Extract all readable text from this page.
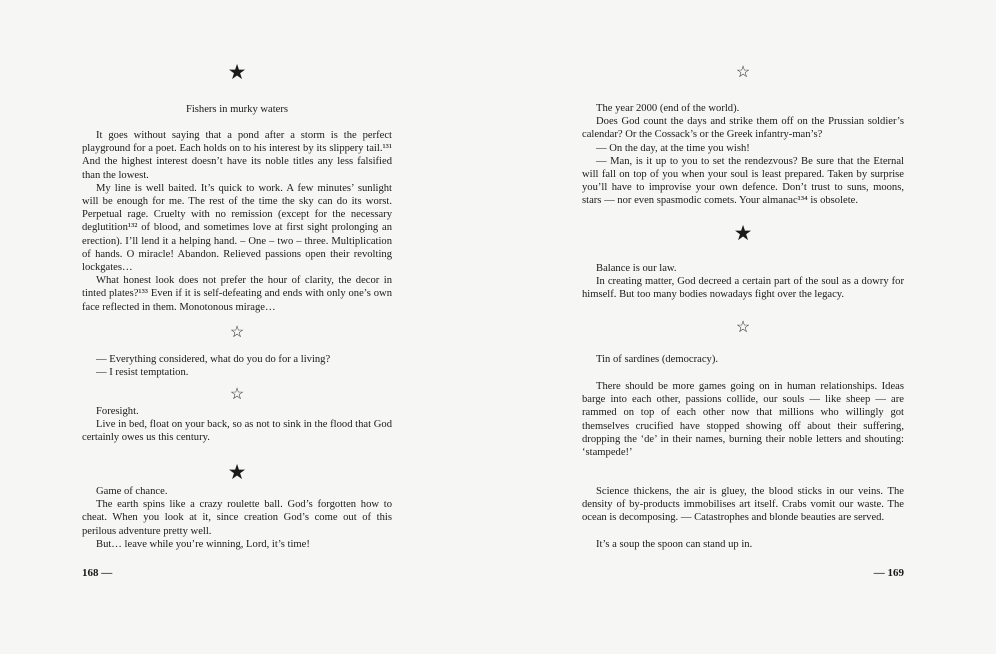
★

Fishers in murky waters

It goes without saying that a pond after a storm is the perfect playground for a poet. Each holds on to his interest by its slippery tail.¹³¹ And the highest interest doesn’t have its noble titles any less falsified than the lowest.

My line is well baited. It’s quick to work. A few minutes’ sunlight will be enough for me. The rest of the time the sky can do its worst. Perpetual rage. Cruelty with no remission (except for the necessary deglutition¹³² of blood, and sometimes love at first sight prolonging an erection). I’ll lend it a helping hand. – One – two – three. Multiplication of hands. O miracle! Abandon. Relieved passions open their revolting lockgates…

What honest look does not prefer the hour of clarity, the decor in tinted plates?¹³³ Even if it is self-defeating and ends with only one’s own face reflected in them. Monotonous mirage…

☆

— Everything considered, what do you do for a living?

— I resist temptation.

☆

Foresight.

Live in bed, float on your back, so as not to sink in the flood that God certainly owes us this century.

★

Game of chance.

The earth spins like a crazy roulette ball. God’s forgotten how to cheat. When you look at it, since creation God’s come out of this perilous adventure pretty well.

But… leave while you’re winning, Lord, it’s time!

168 —
☆

The year 2000 (end of the world).

Does God count the days and strike them off on the Prussian soldier’s calendar? Or the Cossack’s or the Greek infantry-man’s?

— On the day, at the time you wish!

— Man, is it up to you to set the rendezvous? Be sure that the Eternal will fall on top of you when your soul is least prepared. Taken by surprise you’ll have to improvise your own defence. Don’t trust to suns, moons, stars — nor even spasmodic comets. Your almanac¹³⁴ is obsolete.

★

Balance is our law.

In creating matter, God decreed a certain part of the soul as a dowry for himself. But too many bodies nowadays fight over the legacy.

☆

Tin of sardines (democracy).

There should be more games going on in human relationships. Ideas barge into each other, passions collide, our souls — like sheep — are rammed on top of each other now that millions who willingly got themselves crucified have stopped showing off about their suffering, dropping the ‘de’ in their names, burning their noble letters and shouting: ‘stampede!’

Science thickens, the air is gluey, the blood sticks in our veins. The density of by-products immobilises art itself. Crabs vomit our waste. The ocean is decomposing. — Catastrophes and blonde beauties are served.

It’s a soup the spoon can stand up in.

— 169
